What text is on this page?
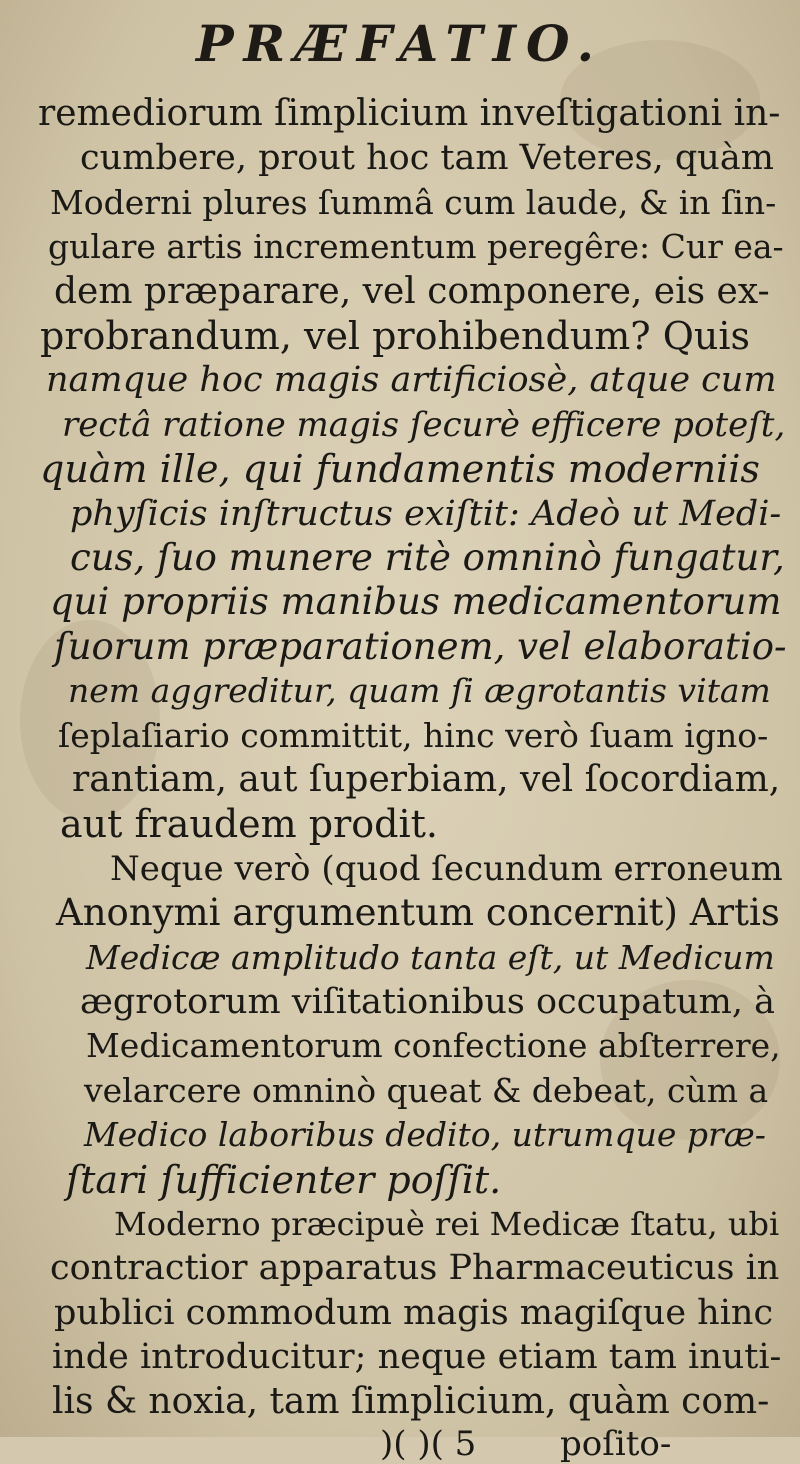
PRÆFATIO.
remediorum ſimplicium inveſtigationi in-
cumbere, prout hoc tam Veteres, quàm
Moderni plures ſummâ cum laude, & in ſin-
gulare artis incrementum peregêre: Cur ea-
dem præparare, vel componere, eis ex-
probrandum, vel prohibendum? Quis
namque hoc magis artificiosè, atque cum
rectâ ratione magis ſecurè efficere poteſt,
quàm ille, qui fundamentis moderniis
phyſicis inſtructus exiſtit: Adeò ut Medi-
cus, ſuo munere ritè omninò fungatur,
qui propriis manibus medicamentorum
ſuorum præparationem, vel elaboratio-
nem aggreditur, quam ſi ægrotantis vitam
ſeplaſiario committit, hinc verò ſuam igno-
rantiam, aut ſuperbiam, vel ſocordiam,
aut fraudem prodit.
Neque verò (quod ſecundum erroneum
Anonymi argumentum concernit) Artis
Medicæ amplitudo tanta eſt, ut Medicum
ægrotorum viſitationibus occupatum, à
Medicamentorum confectione abſterrere,
velarcere omninò queat & debeat, cùm a
Medico laboribus dedito, utrumque præ-
ſtari ſufficienter poſſit.
Moderno præcipuè rei Medicæ ſtatu, ubi
contractior apparatus Pharmaceuticus in
publici commodum magis magiſque hinc
inde introducitur; neque etiam tam inuti-
lis & noxia, tam ſimplicium, quàm com-
)( )( 5 poſito-
